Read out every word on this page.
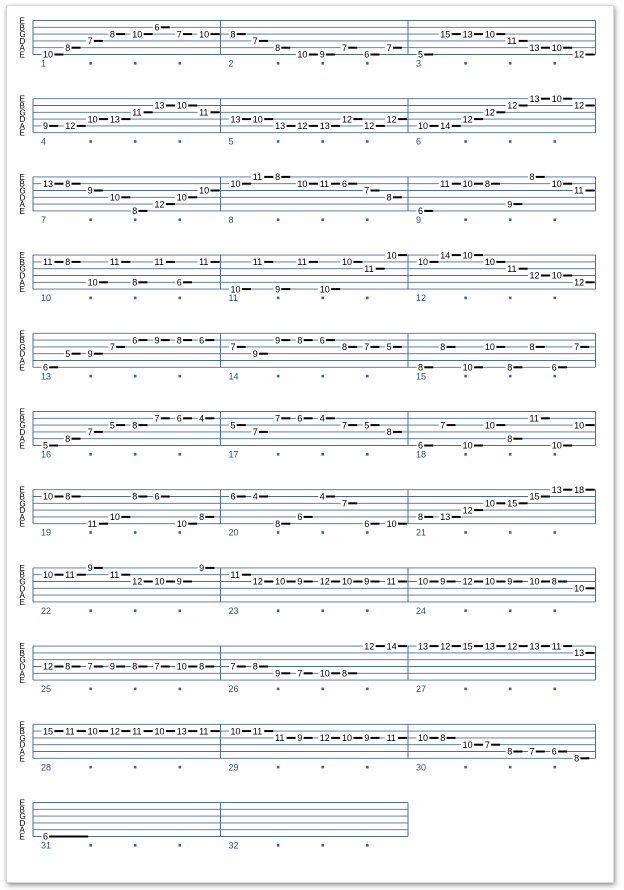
E
B
G
D
A
E
1
10
8
7
8 10
6
7 10
2
8
7
8
10 9
7
6
7
3
5
15 13 10
11
13 10
12
E
B
G
D
A
E
4
9 12
10 13
11
13 10
11
5
13 10
13 12 13
12
12
12
6
10 14
12
12
12
13 10
12
E
B
G
D
A
E
7
13 8
9
10
8
12
10
10
8
10
11 8
10 11 6
7
8
9
6
11 10 8
9
8
10
11
E
B
G
D
A
E
10
11 8
10
11
8
11
6
11
11
10
11
9
11
10
10
11
10
12
10
14 10
10
11
12 10
12
E
B
G
D
A
E
13
6
5 9
7
6 9 8 6
14
7
9
9 8 6
8 7 5
15
8
8
10
10
8
8
6
7
E
B
G
D
A
E
16
5
8
7
5 8
7 6 4
17
5
7
7 6 4
7 5
8
18
6
7
10
10
8
11
10
10
E
B
G
D
A
E
19
10 8
11
10
8 6
10
8
20
6 4
8
6
4
7
6 10
21
8 13
12
10 15
15
13 18
E
B
G
D
A
E
22
10 11
9
11
12 10 9
9
23
11
12 10 9 12 10 9 11
24
10 9 12 10 9 10 8
10
E
B
G
D
A
E
25
12 8 7 9 8 7 10 8
26
7 8
9 7 10 8
12 14
27
13 12 15 13 12 13 11
13
E
B
G
D
A
E
28
15 11 10 12 11 10 13 11
29
10 11
11 9 12 10 9 11
30
10 8
10 7
8 7 6
8
E
B
G
D
A
E
31
6
32
